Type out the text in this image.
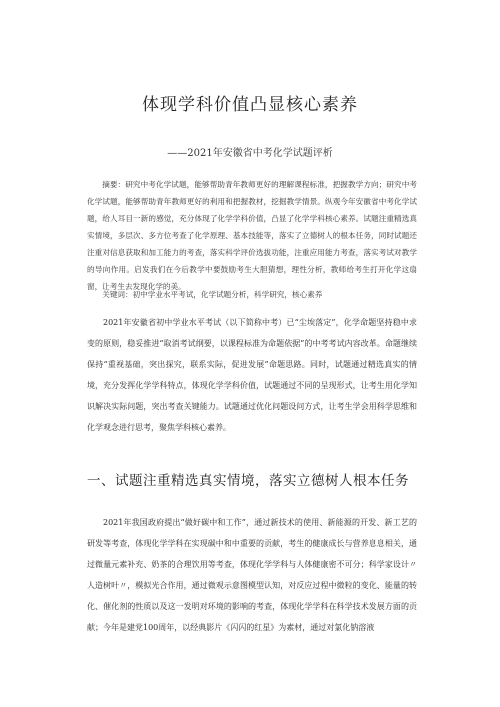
体现学科价值凸显核心素养
——2021年安徽省中考化学试题评析

摘要：研究中考化学试题，能够帮助青年教师更好的理解课程标准，把握教学方向；研究中考化学试题，能够帮助青年教师更好的利用和把握教材，挖掘教学情景。纵观今年安徽省中考化学试题，给人耳目一新的感觉，充分体现了化学学科价值，凸显了化学学科核心素养。试题注重精选真实情境，多层次、多方位考查了化学原理、基本技能等，落实了立德树人的根本任务，同时试题还注重对信息获取和加工能力的考查，落实科学评价选拔功能，注重应用能力考查，落实考试对教学的导向作用。启发我们在今后教学中要鼓励考生大胆猜想，理性分析，教师给考生打开化学这扇窗，让考生去发现化学的美。

关键词：初中学业水平考试，化学试题分析，科学研究，核心素养

2021年安徽省初中学业水平考试（以下简称中考）已“尘埃落定”，化学命题坚持稳中求变的原则，稳妥推进“取消考试纲要，以课程标准为命题依据”的中考考试内容改革。命题继续保持“重视基础，突出探究，联系实际，促进发展”命题思路。同时，试题通过精选真实的情境，充分发挥化学学科特点，体现化学学科价值，试题通过不同的呈现形式，让考生用化学知识解决实际问题，突出考查关键能力。试题通过优化问题设问方式，让考生学会用科学思维和化学观念进行思考，聚焦学科核心素养。

一、试题注重精选真实情境，落实立德树人根本任务

2021年我国政府提出“做好碳中和工作”，通过新技术的使用、新能源的开发、新工艺的研发等考查，体现化学学科在实现碳中和中重要的贡献，考生的健康成长与营养息息相关，通过微量元素补充、奶茶的合理饮用等考查，体现化学学科与人体健康密不可分；科学家设计〃人造树叶〃，模拟光合作用，通过微观示意图模型认知，对反应过程中微粒的变化、能量的转化、催化剂的性质以及这一发明对环境的影响的考查，体现化学学科在科学技术发展方面的贡献；今年是建党100周年，以经典影片《闪闪的红星》为素材，通过对氯化钠溶液
